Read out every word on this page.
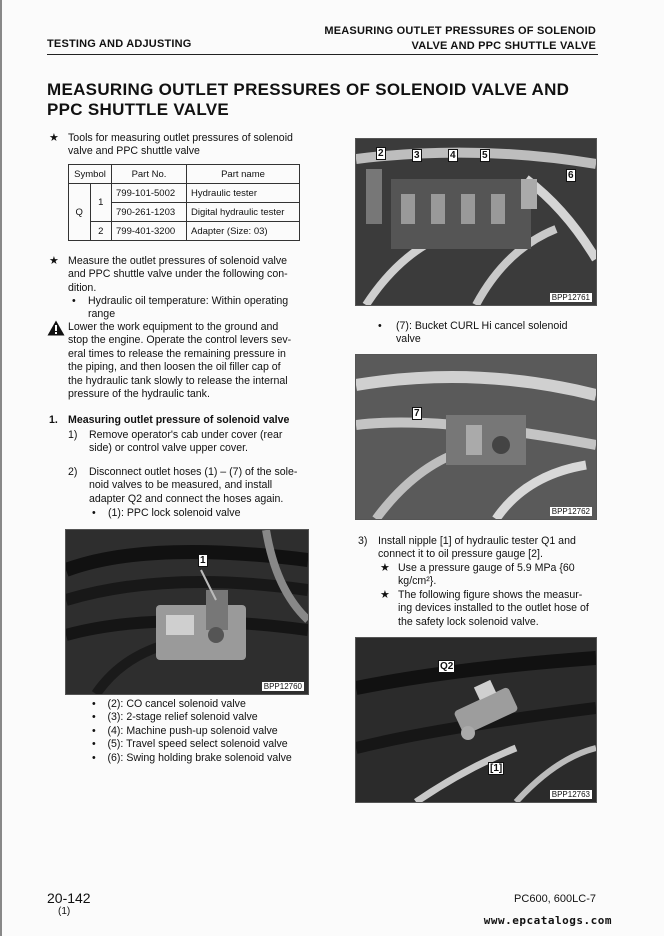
TESTING AND ADJUSTING
MEASURING OUTLET PRESSURES OF SOLENOID
VALVE AND PPC SHUTTLE VALVE
MEASURING OUTLET PRESSURES OF SOLENOID VALVE AND
PPC SHUTTLE VALVE
★ Tools for measuring outlet pressures of solenoid
valve and PPC shuttle valve
Symbol		Part No.	Part name
Q	1	799-101-5002	Hydraulic tester
		790-261-1203	Digital hydraulic tester
	2	799-401-3200	Adapter (Size: 03)
★ Measure the outlet pressures of solenoid valve
and PPC shuttle valve under the following con-
dition.
• Hydraulic oil temperature: Within operating
range
Lower the work equipment to the ground and
stop the engine. Operate the control levers sev-
eral times to release the remaining pressure in
the piping, and then loosen the oil filler cap of
the hydraulic tank slowly to release the internal
pressure of the hydraulic tank.
1. Measuring outlet pressure of solenoid valve
1) Remove operator's cab under cover (rear
side) or control valve upper cover.
2) Disconnect outlet hoses (1) – (7) of the sole-
noid valves to be measured, and install
adapter Q2 and connect the hoses again.
• (1): PPC lock solenoid valve
1
BPP12760
•    (2): CO cancel solenoid valve
•    (3): 2-stage relief solenoid valve
•    (4): Machine push-up solenoid valve
•    (5): Travel speed select solenoid valve
•    (6): Swing holding brake solenoid valve
2	3	4	5
6
BPP12761
• (7): Bucket CURL Hi cancel solenoid
valve
7
BPP12762
3) Install nipple [1] of hydraulic tester Q1 and
connect it to oil pressure gauge [2].
★ Use a pressure gauge of 5.9 MPa {60
kg/cm²}.
★ The following figure shows the measur-
ing devices installed to the outlet hose of
the safety lock solenoid valve.
Q2
[1]
BPP12763
20-142
(1)
PC600, 600LC-7
www.epcatalogs.com
